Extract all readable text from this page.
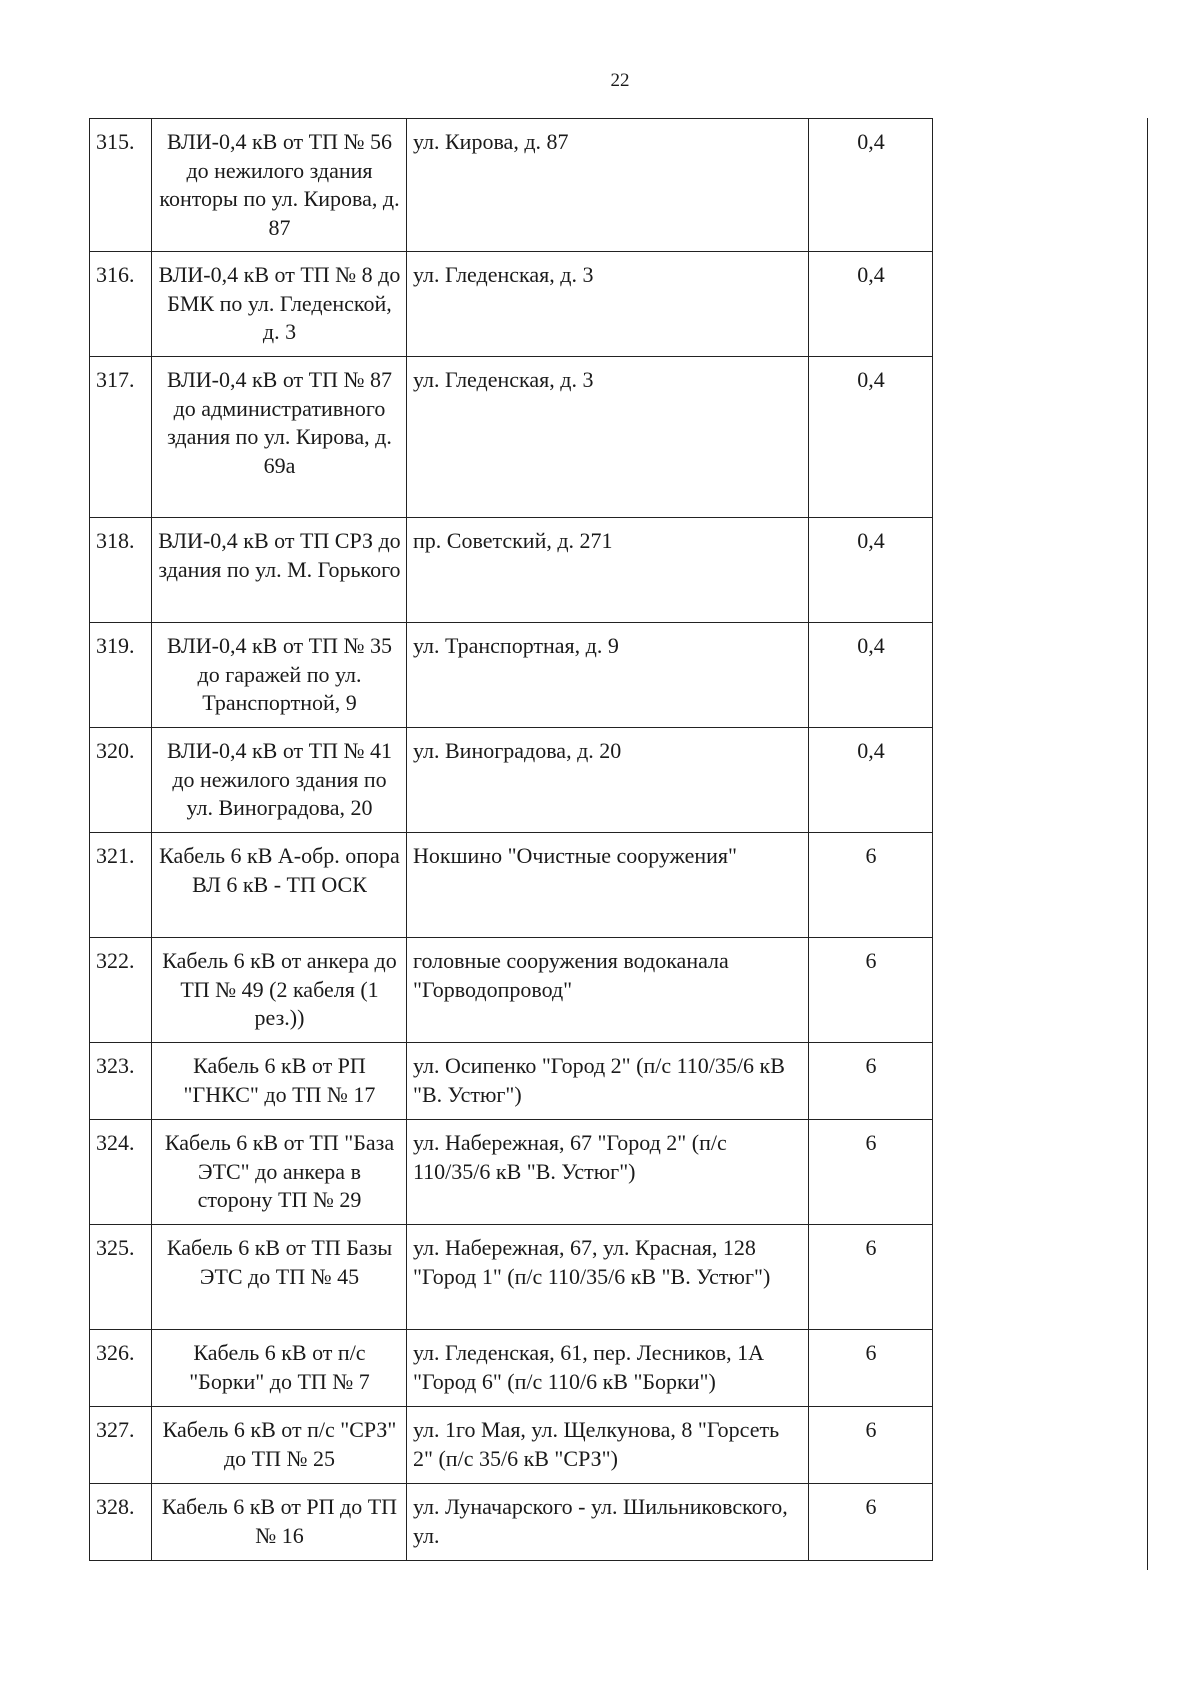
22
315.	ВЛИ-0,4 кВ от ТП № 56 до нежилого здания конторы по ул. Кирова, д. 87	ул. Кирова, д. 87	0,4
316.	ВЛИ-0,4 кВ от ТП № 8 до БМК по ул. Гледенской, д. 3	ул. Гледенская, д. 3	0,4
317.	ВЛИ-0,4 кВ от ТП № 87 до административного здания по ул. Кирова, д. 69а	ул. Гледенская, д. 3	0,4
318.	ВЛИ-0,4 кВ от ТП СРЗ до здания по ул. М. Горького	пр. Советский, д. 271	0,4
319.	ВЛИ-0,4 кВ от ТП № 35 до гаражей по ул. Транспортной, 9	ул. Транспортная, д. 9	0,4
320.	ВЛИ-0,4 кВ от ТП № 41 до нежилого здания по ул. Виноградова, 20	ул. Виноградова, д. 20	0,4
321.	Кабель 6 кВ А-обр. опора ВЛ 6 кВ - ТП ОСК	Нокшино "Очистные сооружения"	6
322.	Кабель 6 кВ от анкера до ТП № 49 (2 кабеля (1 рез.))	головные сооружения водоканала "Горводопровод"	6
323.	Кабель 6 кВ от РП "ГНКС" до ТП № 17	ул. Осипенко "Город 2" (п/с 110/35/6 кВ "В. Устюг")	6
324.	Кабель 6 кВ от ТП "База ЭТС" до анкера в сторону ТП № 29	ул. Набережная, 67 "Город 2" (п/с 110/35/6 кВ "В. Устюг")	6
325.	Кабель 6 кВ от ТП Базы ЭТС до ТП № 45	ул. Набережная, 67, ул. Красная, 128 "Город 1" (п/с 110/35/6 кВ "В. Устюг")	6
326.	Кабель 6 кВ от п/с "Борки" до ТП № 7	ул. Гледенская, 61, пер. Лесников, 1А "Город 6" (п/с 110/6 кВ "Борки")	6
327.	Кабель 6 кВ от п/с "СРЗ" до ТП № 25	ул. 1го Мая, ул. Щелкунова, 8 "Горсеть 2" (п/с 35/6 кВ "СРЗ")	6
328.	Кабель 6 кВ от РП до ТП № 16	ул. Луначарского - ул. Шильниковского, ул.	6
